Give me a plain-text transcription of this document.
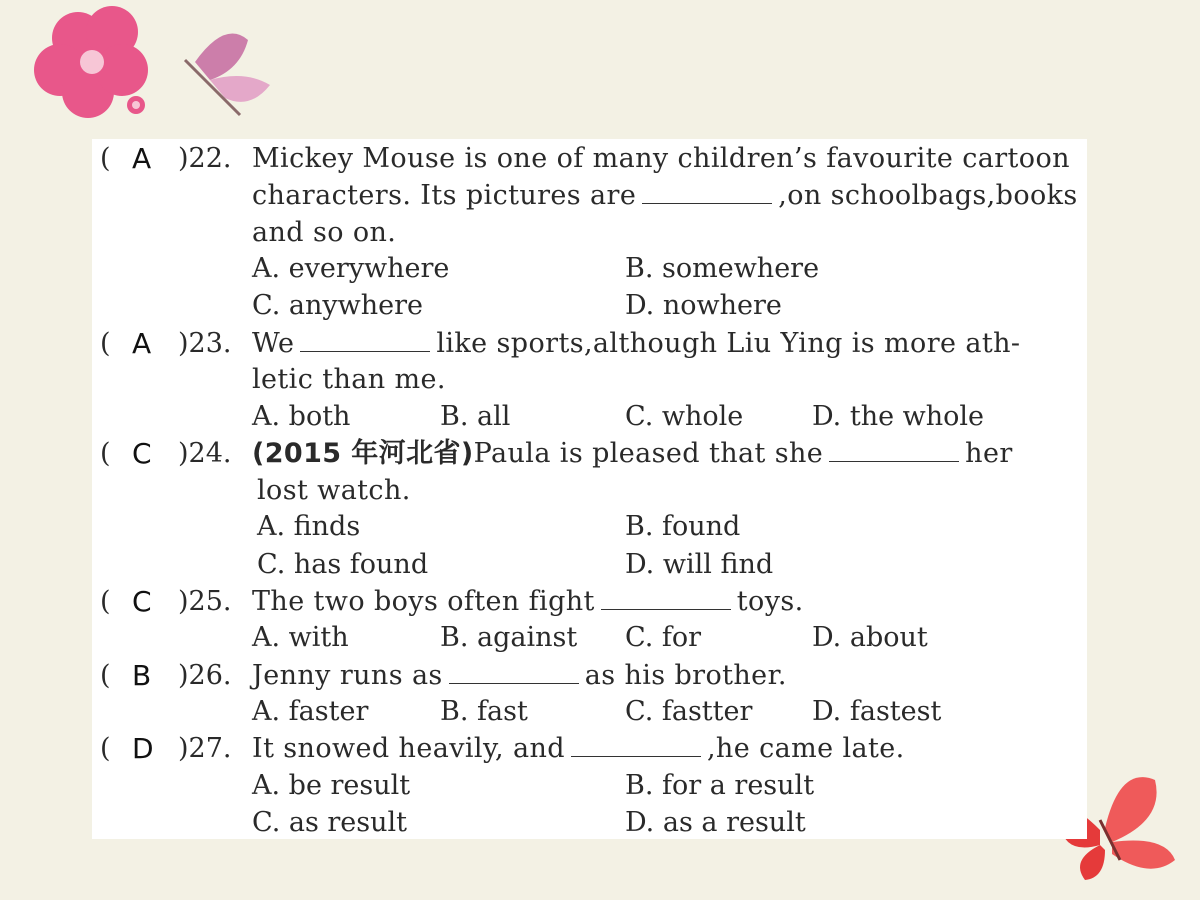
( A )22. Mickey Mouse is one of many children’s favourite cartoon
characters. Its pictures are	,on schoolbags,books
and so on.
A. everywhere	B. somewhere
C. anywhere	D. nowhere
( A )23. We	like sports,although Liu Ying is more ath-
letic than me.
A. both	B. all	C. whole	D. the whole
( C )24. (2015 年河北省)Paula is pleased that she	her
lost watch.
A. finds	B. found
C. has found	D. will find
( C )25. The two boys often fight	toys.
A. with	B. against C. for	D. about
( B )26. Jenny runs as	as his brother.
A. faster	B. fast	C. fastter D. fastest
( D )27. It snowed heavily, and	,he came late.
A. be result	B. for a result
C. as result	D. as a result
